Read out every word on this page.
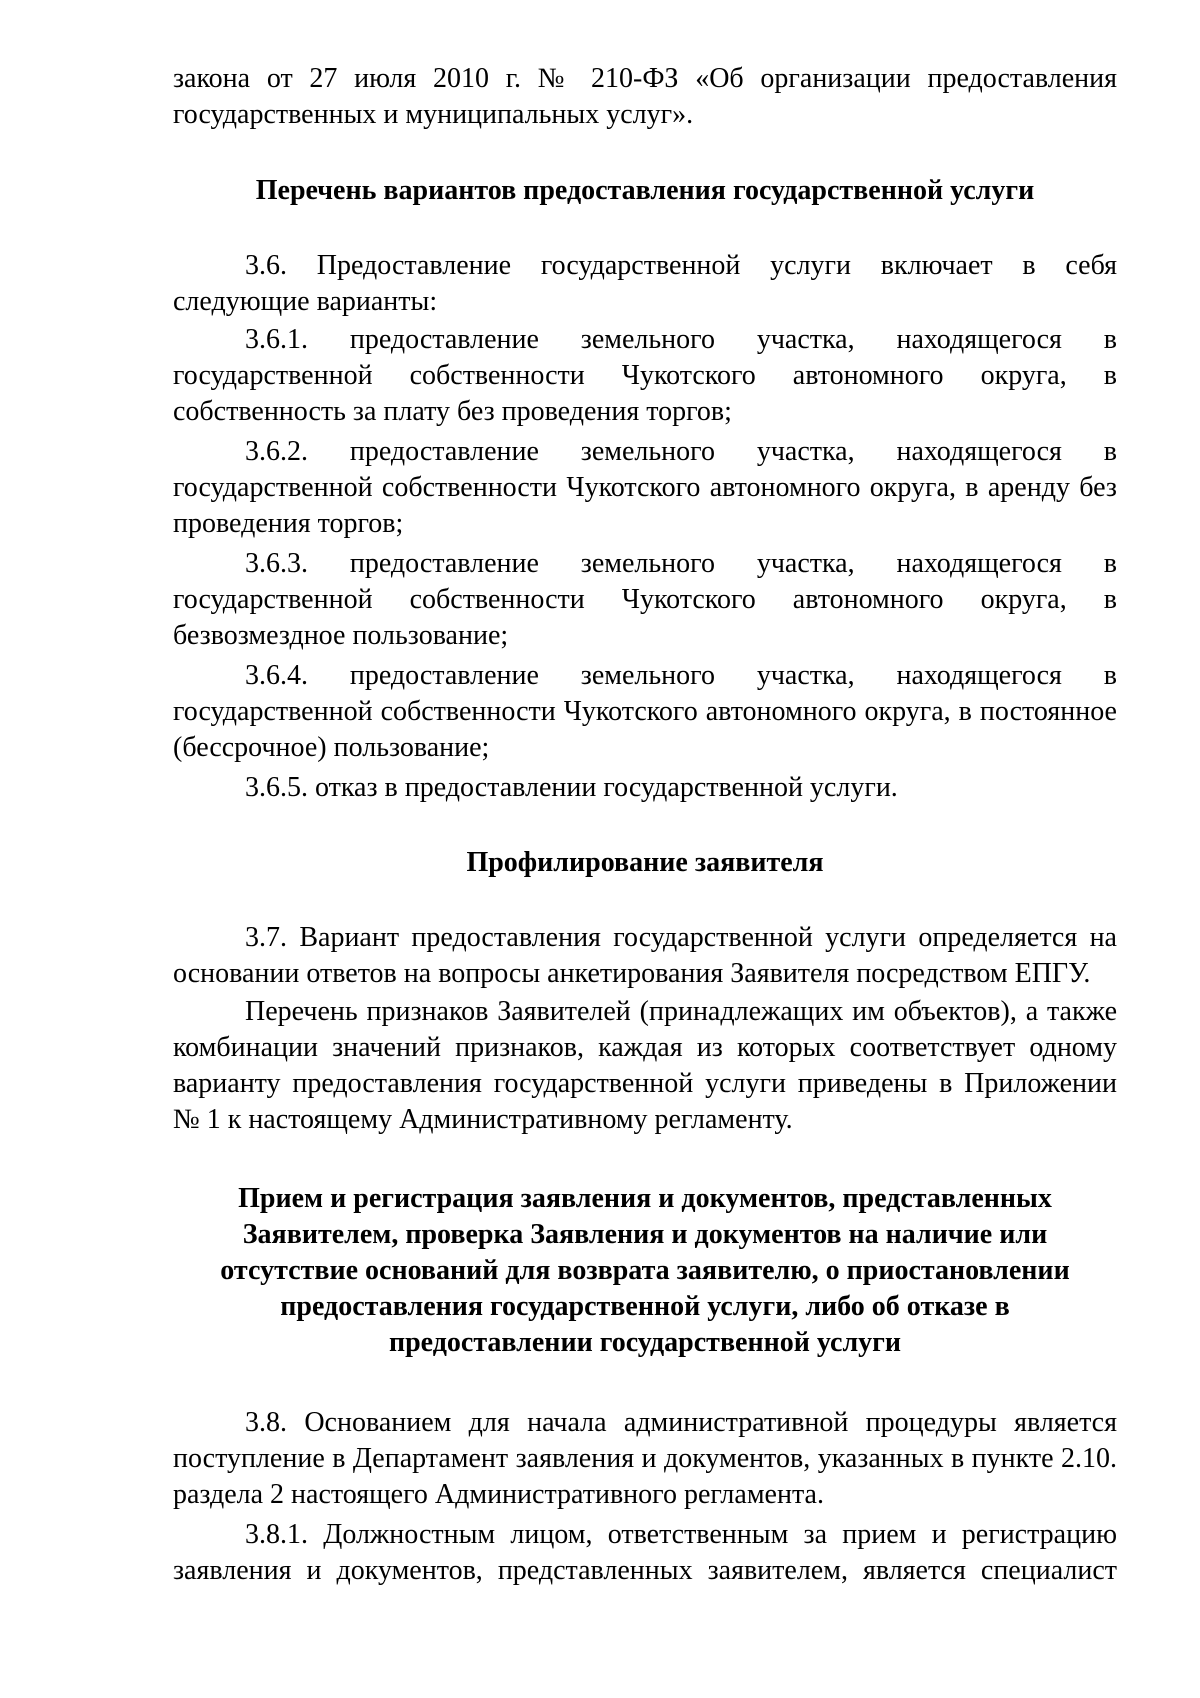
закона от 27 июля 2010 г. № 210-ФЗ «Об организации предоставления
государственных и муниципальных услуг».
Перечень вариантов предоставления государственной услуги
3.6. Предоставление государственной услуги включает в себя
следующие варианты:
3.6.1. предоставление земельного участка, находящегося в
государственной собственности Чукотского автономного округа, в
собственность за плату без проведения торгов;
3.6.2. предоставление земельного участка, находящегося в
государственной собственности Чукотского автономного округа, в аренду без
проведения торгов;
3.6.3. предоставление земельного участка, находящегося в
государственной собственности Чукотского автономного округа, в
безвозмездное пользование;
3.6.4. предоставление земельного участка, находящегося в
государственной собственности Чукотского автономного округа, в постоянное
(бессрочное) пользование;
3.6.5. отказ в предоставлении государственной услуги.
Профилирование заявителя
3.7. Вариант предоставления государственной услуги определяется на
основании ответов на вопросы анкетирования Заявителя посредством ЕПГУ.
Перечень признаков Заявителей (принадлежащих им объектов), а также
комбинации значений признаков, каждая из которых соответствует одному
варианту предоставления государственной услуги приведены в Приложении
№ 1 к настоящему Административному регламенту.
Прием и регистрация заявления и документов, представленных
Заявителем, проверка Заявления и документов на наличие или
отсутствие оснований для возврата заявителю, о приостановлении
предоставления государственной услуги, либо об отказе в
предоставлении государственной услуги
3.8. Основанием для начала административной процедуры является
поступление в Департамент заявления и документов, указанных в пункте 2.10.
раздела 2 настоящего Административного регламента.
3.8.1. Должностным лицом, ответственным за прием и регистрацию
заявления и документов, представленных заявителем, является специалист
